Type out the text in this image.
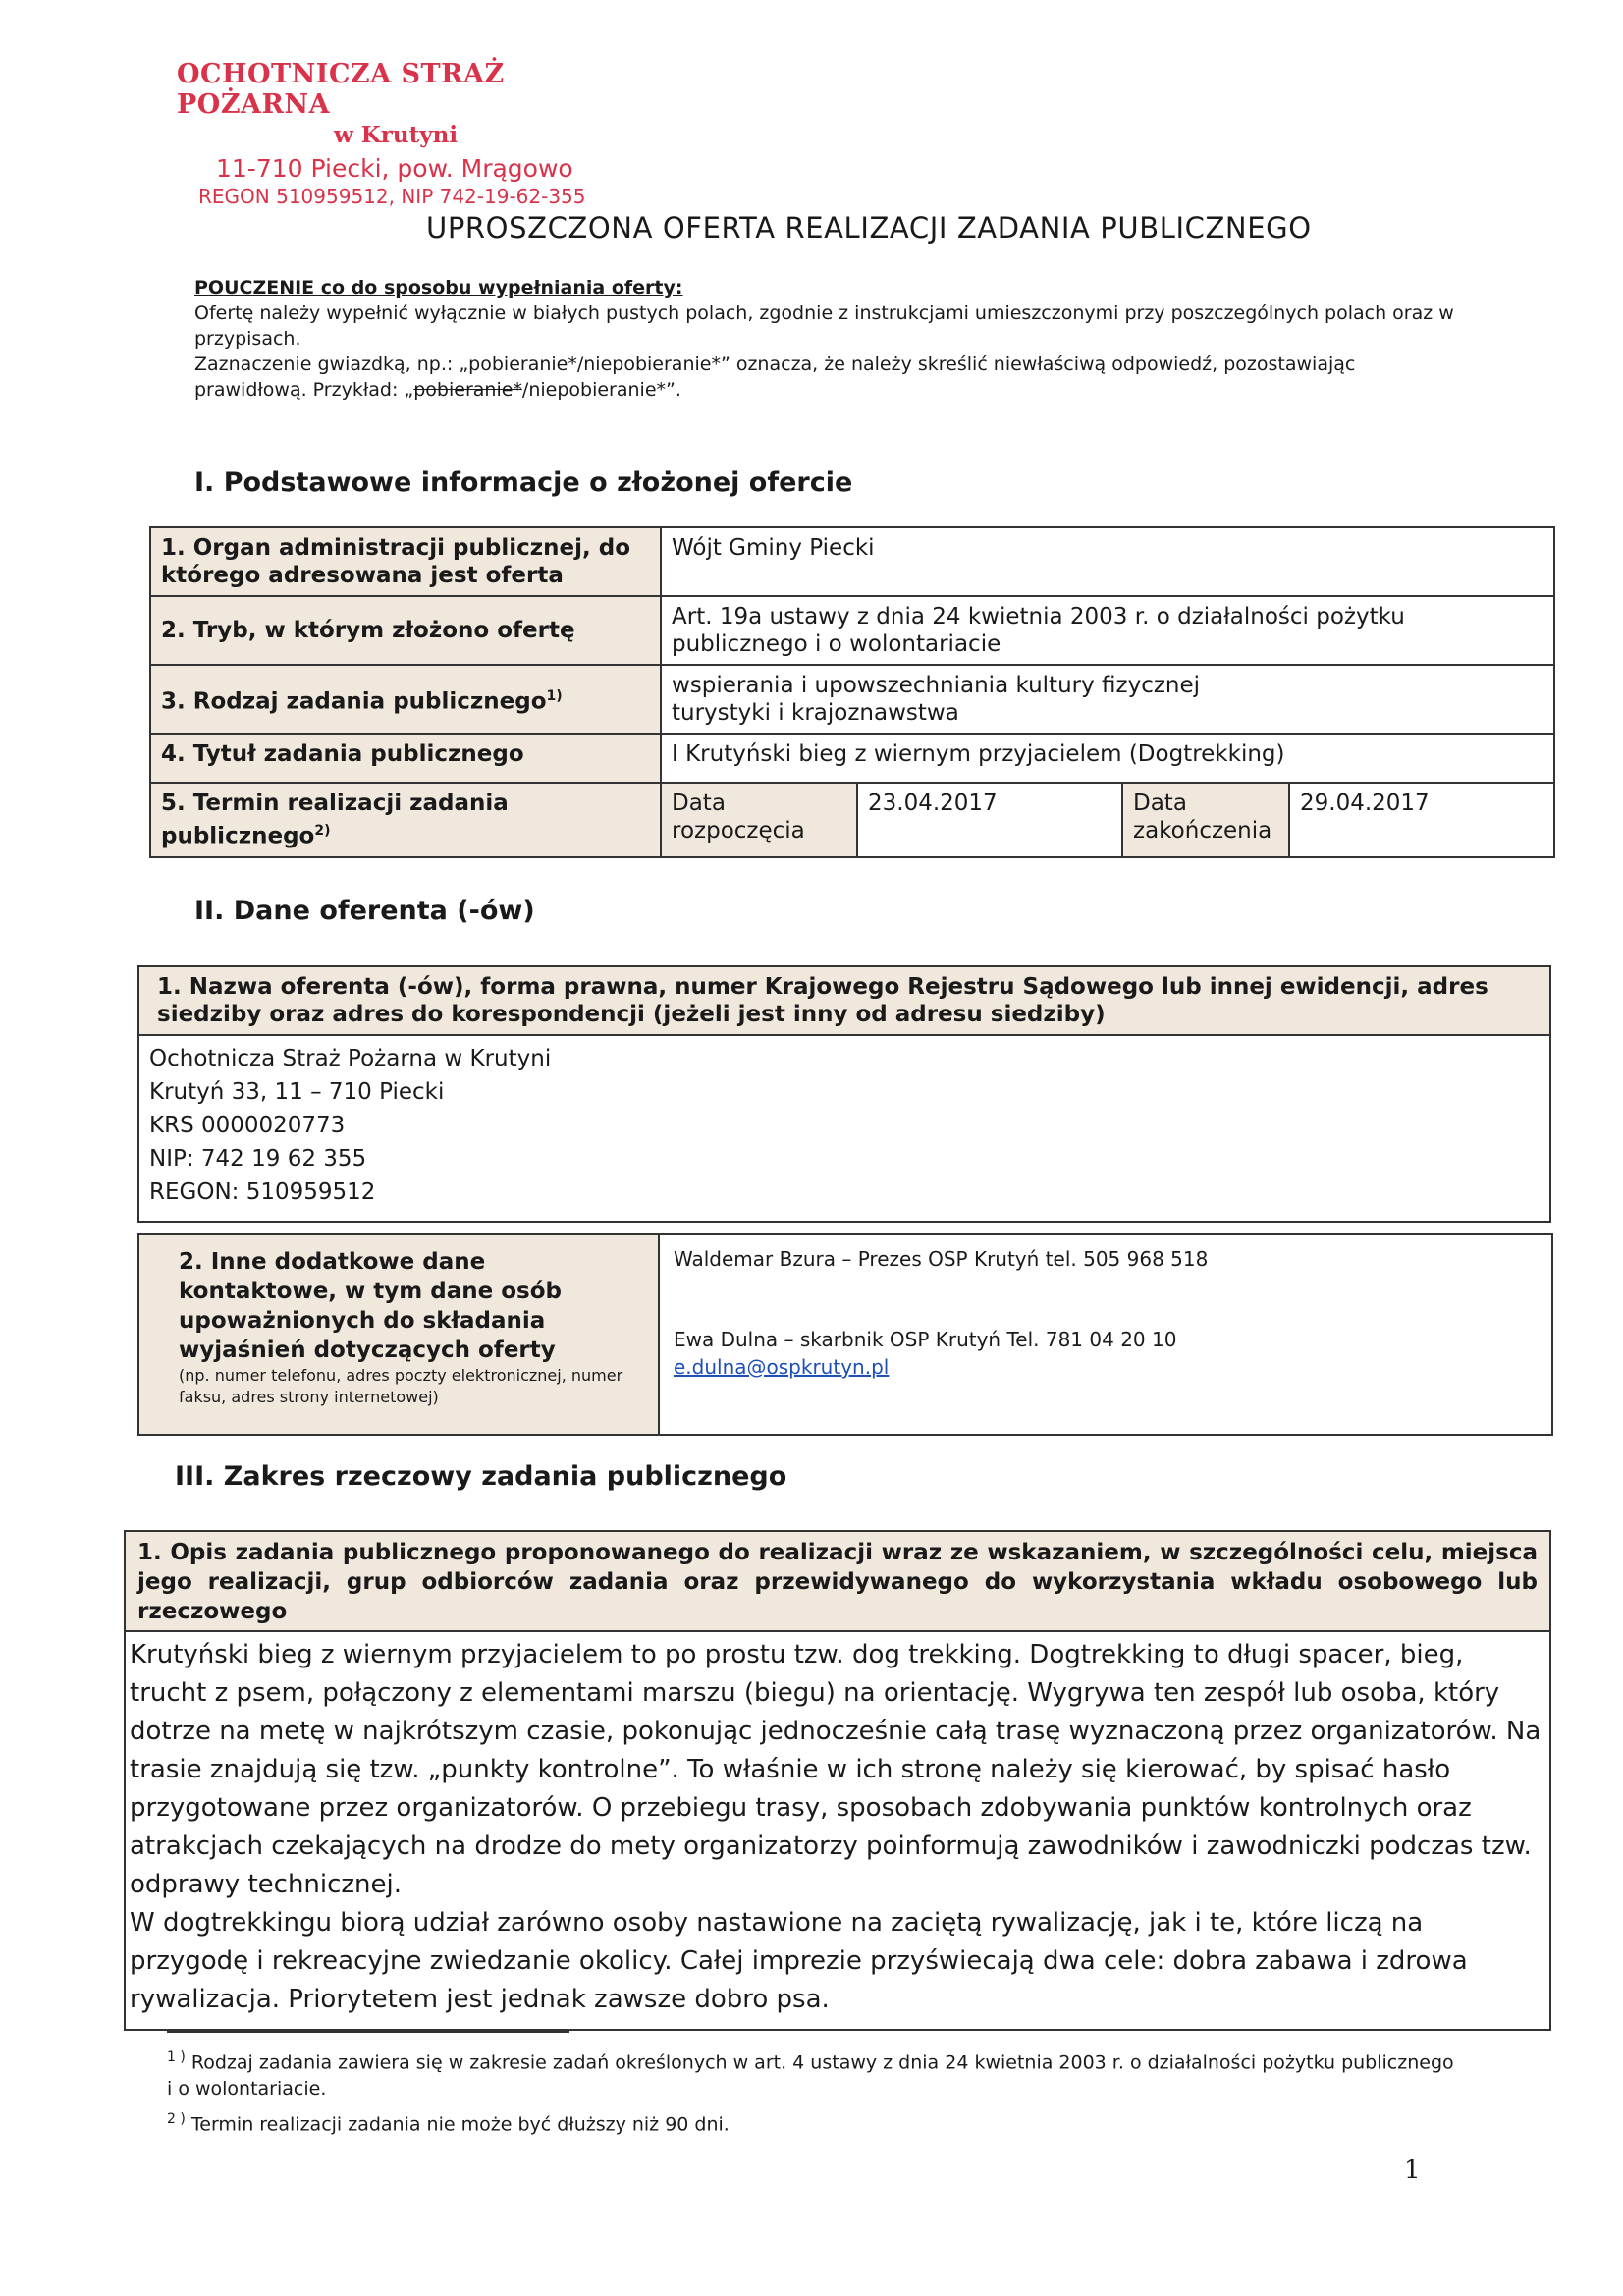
OCHOTNICZA STRAŻ POŻARNA
w Krutyni
11-710 Piecki, pow. Mrągowo
REGON 510959512, NIP 742-19-62-355
UPROSZCZONA OFERTA REALIZACJI ZADANIA PUBLICZNEGO
POUCZENIE co do sposobu wypełniania oferty:
Ofertę należy wypełnić wyłącznie w białych pustych polach, zgodnie z instrukcjami umieszczonymi przy poszczególnych polach oraz w przypisach.
Zaznaczenie gwiazdką, np.: „pobieranie*/niepobieranie*” oznacza, że należy skreślić niewłaściwą odpowiedź, pozostawiając prawidłową. Przykład: „pobieranie*/niepobieranie*”.
I. Podstawowe informacje o złożonej ofercie
1. Organ administracji publicznej, do którego adresowana jest oferta	Wójt Gminy Piecki			
2. Tryb, w którym złożono ofertę	Art. 19a ustawy z dnia 24 kwietnia 2003 r. o działalności pożytku publicznego i o wolontariacie			
3. Rodzaj zadania publicznego$^{1)}$	wspierania i upowszechniania kultury fizycznej
turystyki i krajoznawstwa			

4. Tytuł zadania publicznego	I Krutyński bieg z wiernym przyjacielem (Dogtrekking)			
5. Termin realizacji zadania publicznego$^{2)}$	Data rozpoczęcia	23.04.2017	Data zakończenia	29.04.2017
II. Dane oferenta (-ów)
1. Nazwa oferenta (-ów), forma prawna, numer Krajowego Rejestru Sądowego lub innej ewidencji, adres siedziby oraz adres do korespondencji (jeżeli jest inny od adresu siedziby)

Ochotnicza Straż Pożarna w Krutyni
Krutyń 33, 11 – 710 Piecki
KRS 0000020773
NIP: 742 19 62 355
REGON: 510959512
2. Inne dodatkowe dane kontaktowe, w tym dane osób upoważnionych do składania wyjaśnień dotyczących oferty
(np. numer telefonu, adres poczty elektronicznej, numer faksu, adres strony internetowej)

Waldemar Bzura – Prezes OSP Krutyń tel. 505 968 518
Ewa Dulna – skarbnik OSP Krutyń Tel. 781 04 20 10
e.dulna@ospkrutyn.pl
III. Zakres rzeczowy zadania publicznego
1. Opis zadania publicznego proponowanego do realizacji wraz ze wskazaniem, w szczególności celu, miejsca jego realizacji, grup odbiorców zadania oraz przewidywanego do wykorzystania wkładu osobowego lub rzeczowego
Krutyński bieg z wiernym przyjacielem to po prostu tzw. dog trekking. Dogtrekking to długi spacer, bieg, trucht z psem, połączony z elementami marszu (biegu) na orientację. Wygrywa ten zespół lub osoba, który dotrze na metę w najkrótszym czasie, pokonując jednocześnie całą trasę wyznaczoną przez organizatorów. Na trasie znajdują się tzw. „punkty kontrolne”. To właśnie w ich stronę należy się kierować, by spisać hasło przygotowane przez organizatorów. O przebiegu trasy, sposobach zdobywania punktów kontrolnych oraz atrakcjach czekających na drodze do mety organizatorzy poinformują zawodników i zawodniczki podczas tzw. odprawy technicznej.
W dogtrekkingu biorą udział zarówno osoby nastawione na zaciętą rywalizację, jak i te, które liczą na przygodę i rekreacyjne zwiedzanie okolicy. Całej imprezie przyświecają dwa cele: dobra zabawa i zdrowa rywalizacja. Priorytetem jest jednak zawsze dobro psa.
$^{1 )}$ Rodzaj zadania zawiera się w zakresie zadań określonych w art. 4 ustawy z dnia 24 kwietnia 2003 r. o działalności pożytku publicznego i o wolontariacie.
$^{2 )}$ Termin realizacji zadania nie może być dłuższy niż 90 dni.
1
